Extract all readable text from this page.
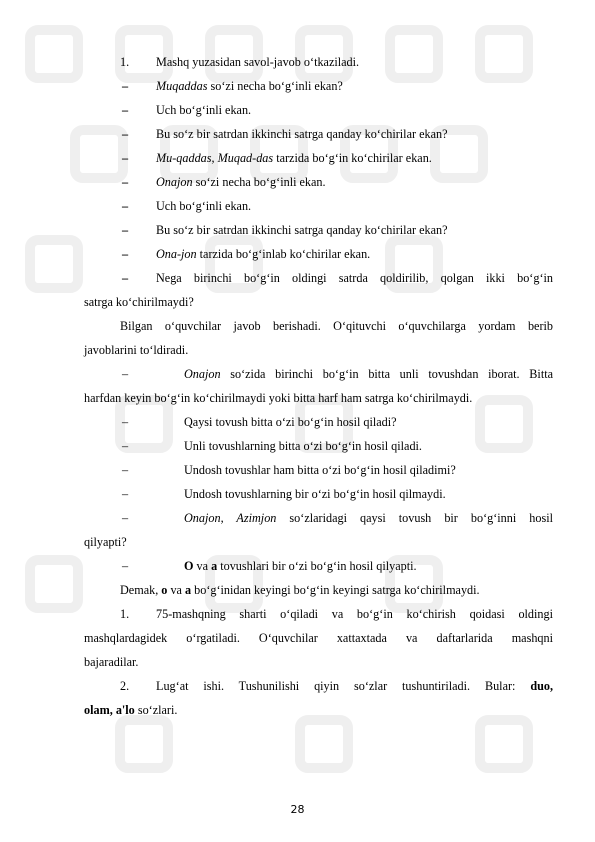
1. Mashq yuzasidan savol-javob oʻtkaziladi.
– Muqaddas soʻzi necha boʻgʻinli ekan?
– Uch boʻgʻinli ekan.
– Bu soʻz bir satrdan ikkinchi satrga qanday koʻchirilar ekan?
– Mu-qaddas, Muqad-das tarzida boʻgʻin koʻchirilar ekan.
– Onajon soʻzi necha boʻgʻinli ekan.
– Uch boʻgʻinli ekan.
– Bu soʻz bir satrdan ikkinchi satrga qanday koʻchirilar ekan?
– Ona-jon tarzida boʻgʻinlab koʻchirilar ekan.
– Nega birinchi boʻgʻin oldingi satrda qoldirilib, qolgan ikki boʻgʻin
satrga koʻchirilmaydi?
Bilgan oʻquvchilar javob berishadi. Oʻqituvchi oʻquvchilarga yordam berib
javoblarini toʻldiradi.
–	Onajon soʻzida birinchi boʻgʻin bitta unli tovushdan iborat. Bitta
harfdan keyin boʻgʻin koʻchirilmaydi yoki bitta harf ham satrga koʻchirilmaydi.
–	Qaysi tovush bitta oʻzi boʻgʻin hosil qiladi?
–	Unli tovushlarning bitta oʻzi boʻgʻin hosil qiladi.
–	Undosh tovushlar ham bitta oʻzi boʻgʻin hosil qiladimi?
–	Undosh tovushlarning bir oʻzi boʻgʻin hosil qilmaydi.
–	Onajon, Azimjon soʻzlaridagi qaysi tovush bir boʻgʻinni hosil
qilyapti?
–	O va a tovushlari bir oʻzi boʻgʻin hosil qilyapti.
Demak, o va a boʻgʻinidan keyingi boʻgʻin keyingi satrga koʻchirilmaydi.
1. 75-mashqning sharti oʻqiladi va boʻgʻin koʻchirish qoidasi oldingi
mashqlardagidek oʻrgatiladi. Oʻquvchilar xattaxtada va daftarlarida mashqni
bajaradilar.
2. Lugʻat ishi. Tushunilishi qiyin soʻzlar tushuntiriladi. Bular: duo,
olam, a'lo soʻzlari.
28
